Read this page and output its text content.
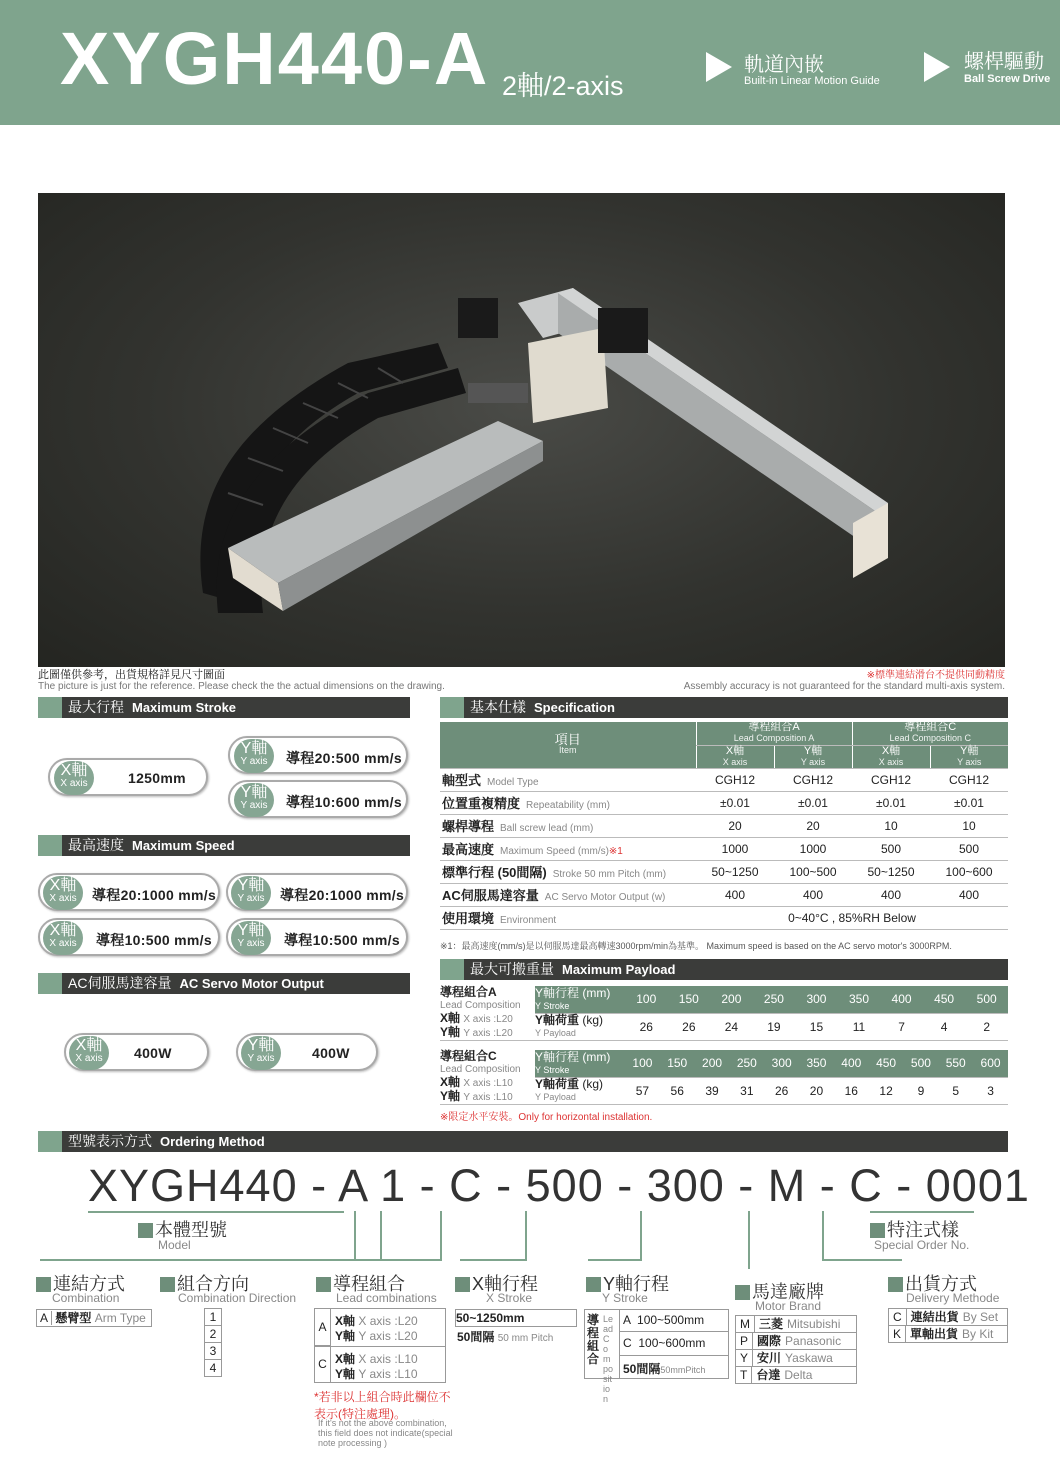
XYGH440-A 2軸/2-axis
軌道內嵌
Built-in Linear Motion Guide
螺桿驅動
Ball Screw Drive
此圖僅供參考，出貨規格詳見尺寸圖面
The picture is just for the reference. Please check the the actual dimensions on the drawing.
※標準連結滑台不提供同動精度
Assembly accuracy is not guaranteed for the standard multi-axis system.
最大行程 Maximum Stroke
X軸
X axis	1250mm
Y軸
Y axis	導程20:500 mm/s
Y軸
Y axis	導程10:600 mm/s
最高速度 Maximum Speed
X軸
X axis	導程20:1000 mm/s
Y軸
Y axis	導程20:1000 mm/s
X軸
X axis	導程10:500 mm/s
Y軸
Y axis	導程10:500 mm/s
AC伺服馬達容量 AC Servo Motor Output
X軸
X axis	400W	Y軸
Y axis	400W
基本仕樣 Specification
項目
Item	導程組合A
Lead Composition A		導程組合C
Lead Composition C	

	X軸
X axis	Y軸
Y axis	X軸
X axis	Y軸
Y axis

軸型式 Model Type	CGH12	CGH12	CGH12	CGH12
位置重複精度 Repeatability (mm)	±0.01	±0.01	±0.01	±0.01
螺桿導程 Ball screw lead (mm)	20	20	10	10
最高速度 Maximum Speed (mm/s)※1	1000	1000	500	500
標準行程 (50間隔) Stroke 50 mm Pitch (mm)	50~1250	100~500	50~1250	100~600
AC伺服馬達容量 AC Servo Motor Output (w)	400	400	400	400
使用環境 Environment	0~40°C , 85%RH Below			
※1：最高速度(mm/s)是以伺服馬達最高轉速3000rpm/min為基準。 Maximum speed is based on the AC servo motor's 3000RPM.
最大可搬重量 Maximum Payload
導程組合A
Lead Composition
X軸 X axis :L20
Y軸 Y axis :L20	Y軸行程 (mm)
Y Stroke	100	150	200	250	300	350	400	450	500
	Y軸荷重 (kg)
Y Payload	26	26	24	19	15	11	7	4	2
導程組合C
Lead Composition
X軸 X axis :L10
Y軸 Y axis :L10	Y軸行程 (mm)
Y Stroke	100	150	200	250	300	350	400	450	500	550	600
	Y軸荷重 (kg)
Y Payload	57	56	39	31	26	20	16	12	9	5	3
※限定水平安裝。Only for horizontal installation.
型號表示方式 Ordering Method
XYGH440 - A 1 - C - 500 - 300 - M - C - 0001
本體型號
Model
特注式樣
Special Order No.
連結方式
Combination
A 懸臂型 Arm Type
組合方向
Combination Direction
1
2
3
4
導程組合
Lead combinations
A X軸 X axis :L20
Y軸 Y axis :L20
C X軸 X axis :L10
Y軸 Y axis :L10
*若非以上組合時此欄位不表示(特注處理)。
If it's not the above combination, this field does not indicate(special note processing )
X軸行程
X Stroke
50~1250mm
50間隔 50 mm Pitch
Y軸行程
Y Stroke
導程組合
Lead Composition
A 100~500mm
C 100~600mm
50間隔50mmPitch
馬達廠牌
Motor Brand
M 三菱 Mitsubishi
P 國際 Panasonic
Y 安川 Yaskawa
T 台達 Delta
出貨方式
Delivery Methode
C 連結出貨 By Set
K 單軸出貨 By Kit
